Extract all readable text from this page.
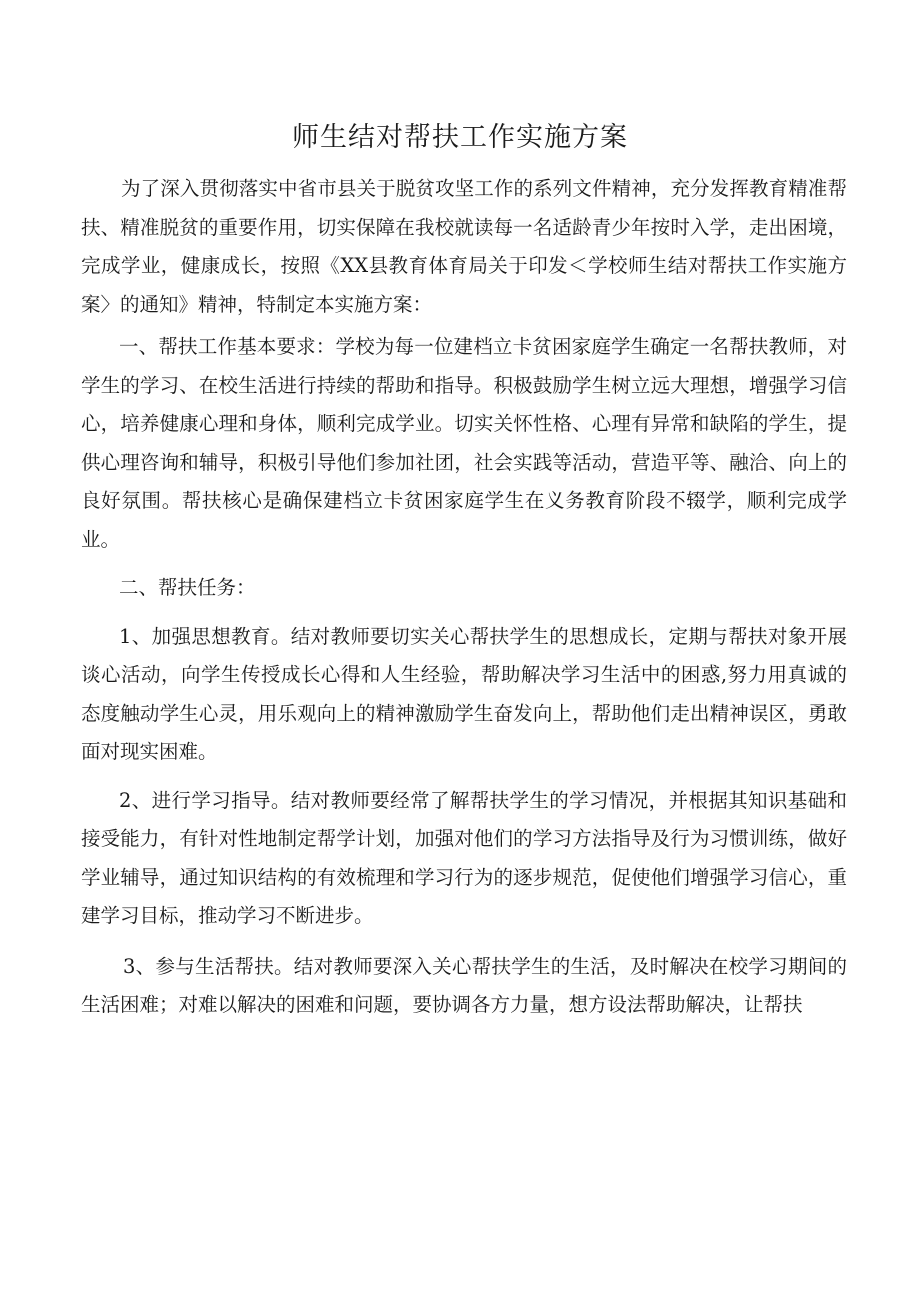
师生结对帮扶工作实施方案

为了深入贯彻落实中省市县关于脱贫攻坚工作的系列文件精神，充分发挥教育精准帮扶、精准脱贫的重要作用，切实保障在我校就读每一名适龄青少年按时入学，走出困境，完成学业，健康成长，按照《XX县教育体育局关于印发＜学校师生结对帮扶工作实施方案〉的通知》精神，特制定本实施方案：

一、帮扶工作基本要求：学校为每一位建档立卡贫困家庭学生确定一名帮扶教师，对学生的学习、在校生活进行持续的帮助和指导。积极鼓励学生树立远大理想，增强学习信心，培养健康心理和身体，顺利完成学业。切实关怀性格、心理有异常和缺陷的学生，提供心理咨询和辅导，积极引导他们参加社团，社会实践等活动，营造平等、融洽、向上的良好氛围。帮扶核心是确保建档立卡贫困家庭学生在义务教育阶段不辍学，顺利完成学业。

二、帮扶任务：

1、加强思想教育。结对教师要切实关心帮扶学生的思想成长，定期与帮扶对象开展谈心活动，向学生传授成长心得和人生经验，帮助解决学习生活中的困惑,努力用真诚的态度触动学生心灵，用乐观向上的精神激励学生奋发向上，帮助他们走出精神误区，勇敢面对现实困难。

2、进行学习指导。结对教师要经常了解帮扶学生的学习情况，并根据其知识基础和接受能力，有针对性地制定帮学计划，加强对他们的学习方法指导及行为习惯训练，做好学业辅导，通过知识结构的有效梳理和学习行为的逐步规范，促使他们增强学习信心，重建学习目标，推动学习不断进步。

3、参与生活帮扶。结对教师要深入关心帮扶学生的生活，及时解决在校学习期间的生活困难；对难以解决的困难和问题，要协调各方力量，想方设法帮助解决，让帮扶
